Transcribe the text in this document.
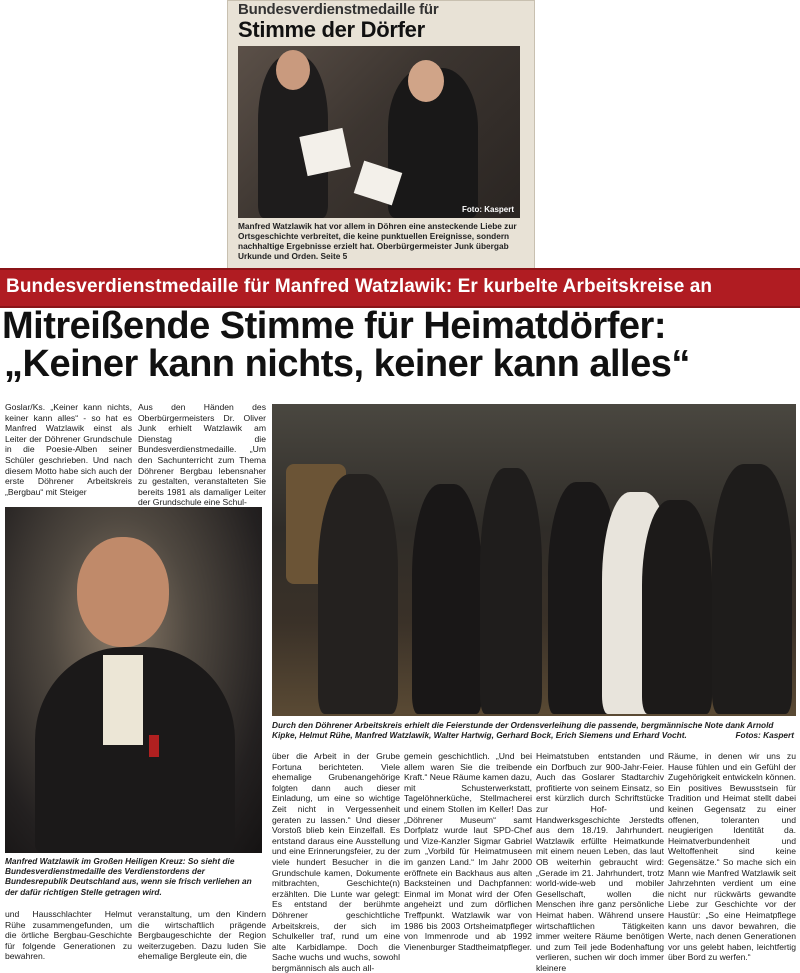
Bundesverdienstmedaille für
Stimme der Dörfer
Foto: Kaspert
Manfred Watzlawik hat vor allem in Döhren eine ansteckende Liebe zur Ortsgeschichte verbreitet, die keine punktuellen Ereignisse, sondern nachhaltige Ergebnisse erzielt hat. Oberbürgermeister Junk übergab Urkunde und Orden. Seite 5
Bundesverdienstmedaille für Manfred Watzlawik: Er kurbelte Arbeitskreise an
Mitreißende Stimme für Heimatdörfer:
„Keiner kann nichts, keiner kann alles“
Goslar/Ks. „Keiner kann nichts, keiner kann alles“ - so hat es Manfred Watzlawik einst als Leiter der Döhrener Grundschule in die Poesie-Alben seiner Schüler geschrieben. Und nach diesem Motto habe sich auch der erste Döhrener Arbeitskreis „Bergbau“ mit Steiger
Aus den Händen des Oberbürgermeisters Dr. Oliver Junk erhielt Watzlawik am Dienstag die Bundesverdienstmedaille. „Um den Sachunterricht zum Thema Döhrener Bergbau lebensnaher zu gestalten, veranstalteten Sie bereits 1981 als damaliger Leiter der Grundschule eine Schul-
Manfred Watzlawik im Großen Heiligen Kreuz: So sieht die Bundesverdienstmedaille des Verdienstordens der Bundesrepublik Deutschland aus, wenn sie frisch verliehen an der dafür richtigen Stelle getragen wird.
und Hausschlachter Helmut Rühe zusammengefunden, um die örtliche Bergbau-Geschichte für folgende Generationen zu bewahren.
veranstaltung, um den Kindern die wirtschaftlich prägende Bergbaugeschichte der Region weiterzugeben. Dazu luden Sie ehemalige Bergleute ein, die
Durch den Döhrener Arbeitskreis erhielt die Feierstunde der Ordensverleihung die passende, bergmännische Note dank Arnold Kipke, Helmut Rühe, Manfred Watzlawik, Walter Hartwig, Gerhard Bock, Erich Siemens und Erhard Vocht.	Fotos: Kaspert
über die Arbeit in der Grube Fortuna berichteten. Viele ehemalige Grubenangehörige folgten dann auch dieser Einladung, um eine so wichtige Zeit nicht in Vergessenheit geraten zu lassen.“ Und dieser Vorstoß blieb kein Einzelfall. Es entstand daraus eine Ausstellung und eine Erinnerungsfeier, zu der viele hundert Besucher in die Grundschule kamen, Dokumente mitbrachten, Geschichte(n) erzählten. Die Lunte war gelegt: Es entstand der berühmte Döhrener geschichtliche Arbeitskreis, der sich im Schulkeller traf, rund um eine alte Karbidlampe. Doch die Sache wuchs und wuchs, sowohl bergmännisch als auch all-
gemein geschichtlich. „Und bei allem waren Sie die treibende Kraft.“ Neue Räume kamen dazu, mit Schusterwerkstatt, Tagelöhnerküche, Stellmacherei und einem Stollen im Keller! Das „Döhrener Museum“ samt Dorfplatz wurde laut SPD-Chef und Vize-Kanzler Sigmar Gabriel zum „Vorbild für Heimatmuseen im ganzen Land.“ Im Jahr 2000 eröffnete ein Backhaus aus alten Backsteinen und Dachpfannen: Einmal im Monat wird der Ofen angeheizt und zum dörflichen Treffpunkt. Watzlawik war von 1986 bis 2003 Ortsheimatpfleger von Immenrode und ab 1992 Vienenburger Stadtheimatpfleger.
Heimatstuben entstanden und ein Dorfbuch zur 900-Jahr-Feier. Auch das Goslarer Stadtarchiv profitierte von seinem Einsatz, so erst kürzlich durch Schriftstücke zur Hof- und Handwerksgeschichte Jerstedts aus dem 18./19. Jahrhundert. Watzlawik erfüllte Heimatkunde mit einem neuen Leben, das laut OB weiterhin gebraucht wird: „Gerade im 21. Jahrhundert, trotz world-wide-web und mobiler Gesellschaft, wollen die Menschen ihre ganz persönliche Heimat haben. Während unsere wirtschaftlichen Tätigkeiten immer weitere Räume benötigen und zum Teil jede Bodenhaftung verlieren, suchen wir doch immer kleinere
Räume, in denen wir uns zu Hause fühlen und ein Gefühl der Zugehörigkeit entwickeln können. Ein positives Bewusstsein für Tradition und Heimat stellt dabei keinen Gegensatz zu einer offenen, toleranten und neugierigen Identität da. Heimatverbundenheit und Weltoffenheit sind keine Gegensätze.“ So mache sich ein Mann wie Manfred Watzlawik seit Jahrzehnten verdient um eine nicht nur rückwärts gewandte Liebe zur Geschichte vor der Haustür: „So eine Heimatpflege kann uns davor bewahren, die Werte, nach denen Generationen vor uns gelebt haben, leichtfertig über Bord zu werfen.“
